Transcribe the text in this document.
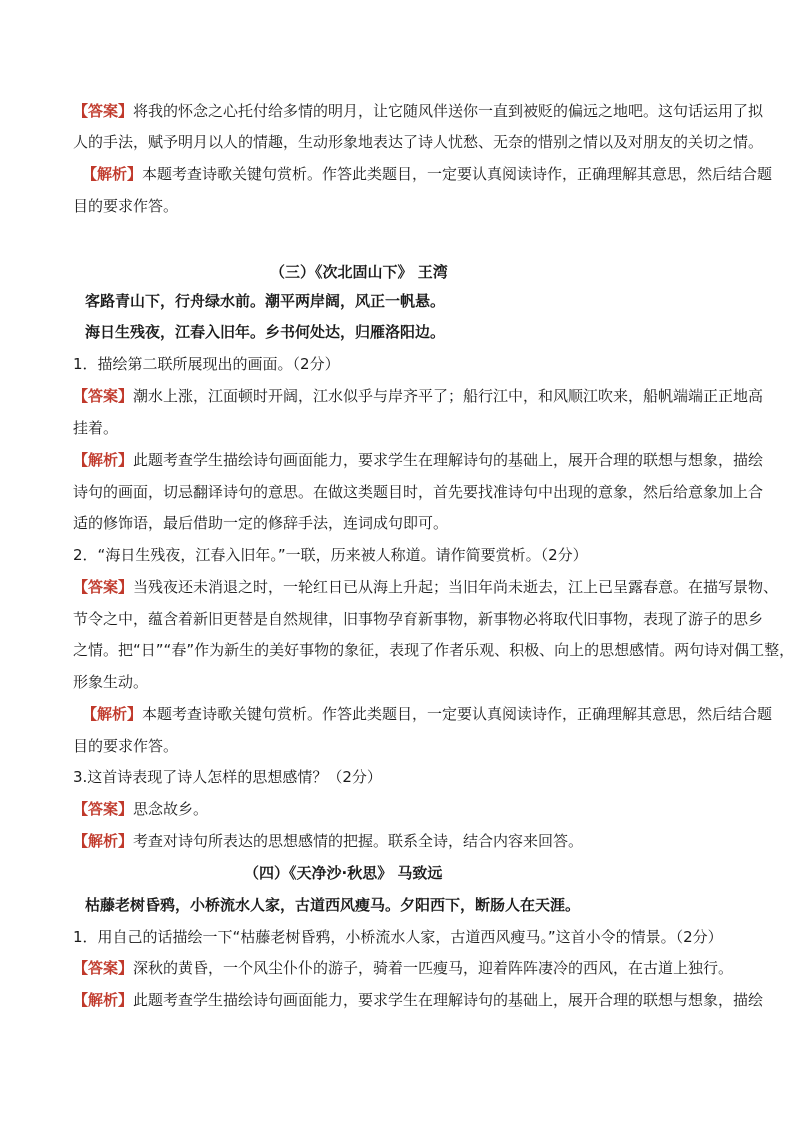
【答案】将我的怀念之心托付给多情的明月，让它随风伴送你一直到被贬的偏远之地吧。这句话运用了拟
人的手法，赋予明月以人的情趣，生动形象地表达了诗人忧愁、无奈的惜别之情以及对朋友的关切之情。
【解析】本题考查诗歌关键句赏析。作答此类题目，一定要认真阅读诗作，正确理解其意思，然后结合题
目的要求作答。
（三）《次北固山下》 王湾
客路青山下，行舟绿水前。潮平两岸阔，风正一帆悬。
海日生残夜，江春入旧年。乡书何处达，归雁洛阳边。
1．描绘第二联所展现出的画面。（2分）
【答案】潮水上涨，江面顿时开阔，江水似乎与岸齐平了；船行江中，和风顺江吹来，船帆端端正正地高
挂着。
【解析】此题考查学生描绘诗句画面能力，要求学生在理解诗句的基础上，展开合理的联想与想象，描绘
诗句的画面，切忌翻译诗句的意思。在做这类题目时，首先要找准诗句中出现的意象，然后给意象加上合
适的修饰语，最后借助一定的修辞手法，连词成句即可。
2．“海日生残夜，江春入旧年。”一联，历来被人称道。请作简要赏析。（2分）
【答案】当残夜还未消退之时，一轮红日已从海上升起；当旧年尚未逝去，江上已呈露春意。在描写景物、
节令之中，蕴含着新旧更替是自然规律，旧事物孕育新事物，新事物必将取代旧事物，表现了游子的思乡
之情。把“日”“春”作为新生的美好事物的象征，表现了作者乐观、积极、向上的思想感情。两句诗对偶工整，
形象生动。
【解析】本题考查诗歌关键句赏析。作答此类题目，一定要认真阅读诗作，正确理解其意思，然后结合题
目的要求作答。
3.这首诗表现了诗人怎样的思想感情？（2分）
【答案】思念故乡。
【解析】考查对诗句所表达的思想感情的把握。联系全诗，结合内容来回答。
（四）《天净沙·秋思》 马致远
枯藤老树昏鸦，小桥流水人家，古道西风瘦马。夕阳西下，断肠人在天涯。
1．用自己的话描绘一下“枯藤老树昏鸦，小桥流水人家，古道西风瘦马。”这首小令的情景。（2分）
【答案】深秋的黄昏，一个风尘仆仆的游子，骑着一匹瘦马，迎着阵阵凄冷的西风，在古道上独行。
【解析】此题考查学生描绘诗句画面能力，要求学生在理解诗句的基础上，展开合理的联想与想象，描绘
